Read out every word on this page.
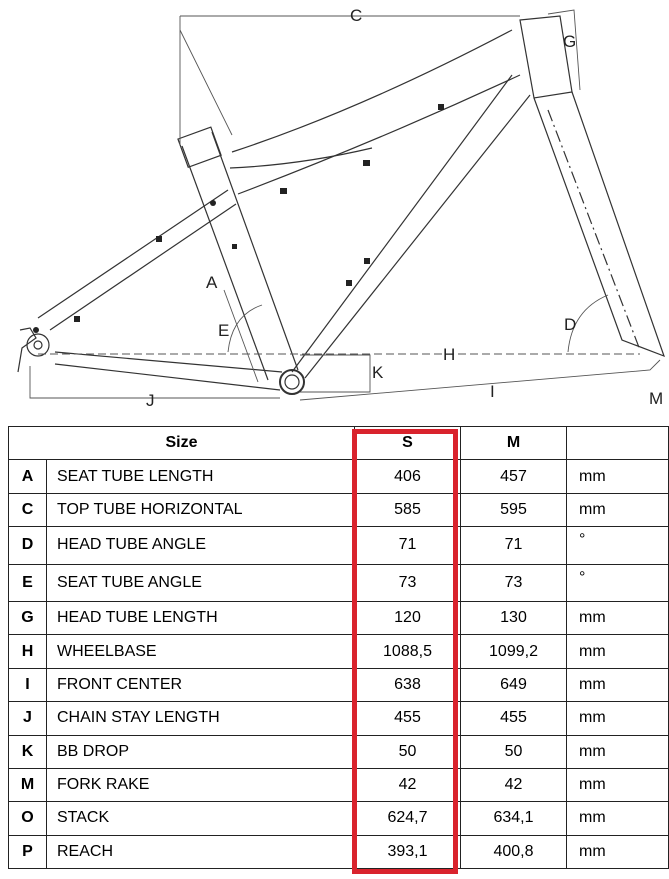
C
G
A
E	D
H
K
J	I	M
Size		S	M	
A	SEAT TUBE LENGTH	406	457	mm
C	TOP TUBE HORIZONTAL	585	595	mm
D	HEAD TUBE ANGLE	71	71	°
E	SEAT TUBE ANGLE	73	73	°
G	HEAD TUBE LENGTH	120	130	mm
H	WHEELBASE	1088,5	1099,2	mm
I	FRONT CENTER	638	649	mm
J	CHAIN STAY LENGTH	455	455	mm
K	BB DROP	50	50	mm
M	FORK RAKE	42	42	mm
O	STACK	624,7	634,1	mm
P	REACH	393,1	400,8	mm
